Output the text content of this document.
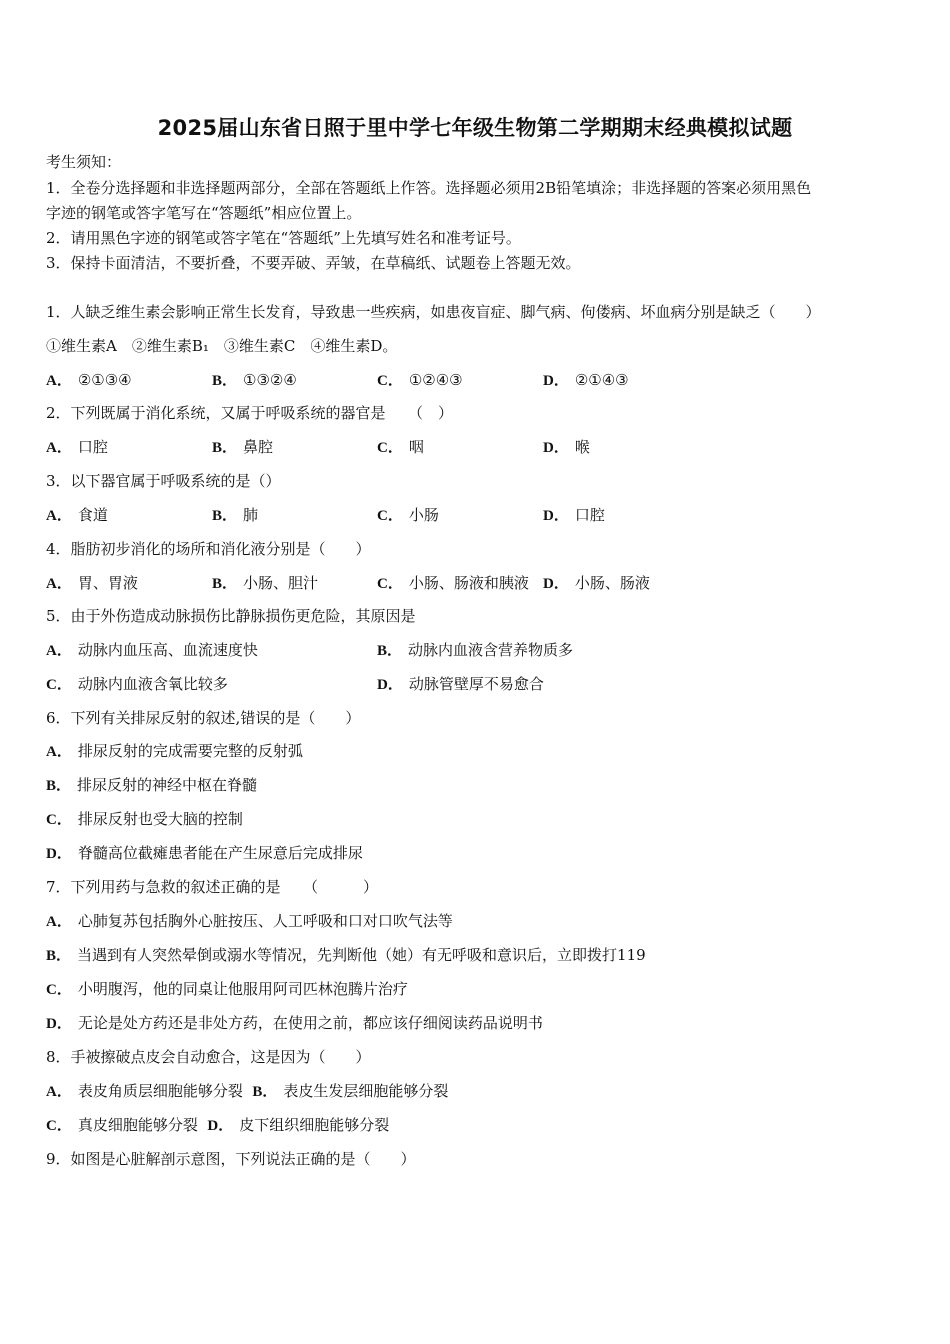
2025届山东省日照于里中学七年级生物第二学期期末经典模拟试题
考生须知：
1．全卷分选择题和非选择题两部分，全部在答题纸上作答。选择题必须用2B铅笔填涂；非选择题的答案必须用黑色
字迹的钢笔或答字笔写在“答题纸”相应位置上。
2．请用黑色字迹的钢笔或答字笔在“答题纸”上先填写姓名和准考证号。
3．保持卡面清洁，不要折叠，不要弄破、弄皱，在草稿纸、试题卷上答题无效。
1．人缺乏维生素会影响正常生长发育，导致患一些疾病，如患夜盲症、脚气病、佝偻病、坏血病分别是缺乏（　　）
①维生素A　②维生素B₁　③维生素C　④维生素D。
A． ②①③④	B． ①③②④	C． ①②④③	D． ②①④③
2．下列既属于消化系统，又属于呼吸系统的器官是　　（　）
A． 口腔	B． 鼻腔	C． 咽	D． 喉
3．以下器官属于呼吸系统的是（）
A． 食道	B． 肺	C． 小肠	D． 口腔
4．脂肪初步消化的场所和消化液分别是（　　）
A． 胃、胃液	B． 小肠、胆汁	C． 小肠、肠液和胰液 D． 小肠、肠液
5．由于外伤造成动脉损伤比静脉损伤更危险，其原因是
A． 动脉内血压高、血流速度快	B． 动脉内血液含营养物质多
C． 动脉内血液含氧比较多	D． 动脉管壁厚不易愈合
6．下列有关排尿反射的叙述,错误的是（　　）
A． 排尿反射的完成需要完整的反射弧
B． 排尿反射的神经中枢在脊髓
C． 排尿反射也受大脑的控制
D． 脊髓高位截瘫患者能在产生尿意后完成排尿
7．下列用药与急救的叙述正确的是　　（　　　）
A． 心肺复苏包括胸外心脏按压、人工呼吸和口对口吹气法等
B． 当遇到有人突然晕倒或溺水等情况，先判断他（她）有无呼吸和意识后，立即拨打119
C． 小明腹泻，他的同桌让他服用阿司匹林泡腾片治疗
D． 无论是处方药还是非处方药，在使用之前，都应该仔细阅读药品说明书
8．手被擦破点皮会自动愈合，这是因为（　　）
A． 表皮角质层细胞能够分裂 B． 表皮生发层细胞能够分裂
C． 真皮细胞能够分裂 D． 皮下组织细胞能够分裂
9．如图是心脏解剖示意图，下列说法正确的是（　　）
